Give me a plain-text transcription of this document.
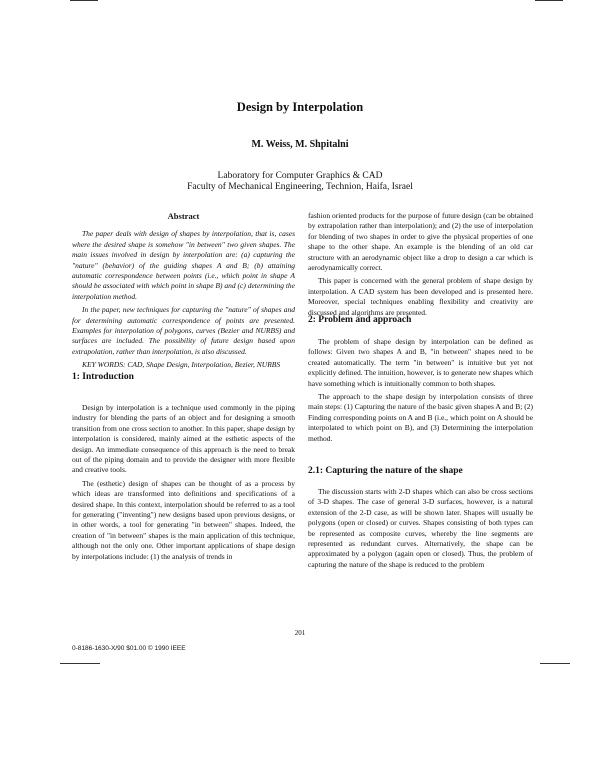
Design by Interpolation
M. Weiss, M. Shpitalni
Laboratory for Computer Graphics & CAD
Faculty of Mechanical Engineering, Technion, Haifa, Israel
Abstract

The paper deals with design of shapes by interpolation, that is, cases where the desired shape is somehow "in between" two given shapes. The main issues involved in design by interpolation are: (a) capturing the "nature" (behavior) of the guiding shapes A and B; (b) attaining automatic correspondence between points (i.e., which point in shape A should be associated with which point in shape B) and (c) determining the interpolation method.

In the paper, new techniques for capturing the "nature" of shapes and for determining automatic correspondence of points are presented. Examples for interpolation of polygons, curves (Bezier and NURBS) and surfaces are included. The possibility of future design based upon extrapolation, rather than interpolation, is also discussed.

KEY WORDS: CAD, Shape Design, Interpolation, Bezier, NURBS

1: Introduction

Design by interpolation is a technique used commonly in the piping industry for blending the parts of an object and for designing a smooth transition from one cross section to another. In this paper, shape design by interpolation is considered, mainly aimed at the esthetic aspects of the design. An immediate consequence of this approach is the need to break out of the piping domain and to provide the designer with more flexible and creative tools.

The (esthetic) design of shapes can be thought of as a process by which ideas are transformed into definitions and specifications of a desired shape. In this context, interpolation should be referred to as a tool for generating ("inventing") new designs based upon previous designs, or in other words, a tool for generating "in between" shapes. Indeed, the creation of "in between" shapes is the main application of this technique, although not the only one. Other important applications of shape design by interpolations include: (1) the analysis of trends in

fashion oriented products for the purpose of future design (can be obtained by extrapolation rather than interpolation); and (2) the use of interpolation for blending of two shapes in order to give the physical properties of one shape to the other shape. An example is the blending of an old car structure with an aerodynamic object like a drop to design a car which is aerodynamically correct.

This paper is concerned with the general problem of shape design by interpolation. A CAD system has been developed and is presented here. Moreover, special techniques enabling flexibility and creativity are discussed and algorithms are presented.

2: Problem and approach

The problem of shape design by interpolation can be defined as follows: Given two shapes A and B, "in between" shapes need to be created automatically. The term "in between" is intuitive but yet not explicitly defined. The intuition, however, is to generate new shapes which have something which is intuitionally common to both shapes.

The approach to the shape design by interpolation consists of three main steps: (1) Capturing the nature of the basic given shapes A and B; (2) Finding corresponding points on A and B (i.e., which point on A should be interpolated to which point on B), and (3) Determining the interpolation method.

2.1: Capturing the nature of the shape

The discussion starts with 2-D shapes which can also be cross sections of 3-D shapes. The case of general 3-D surfaces, however, is a natural extension of the 2-D case, as will be shown later. Shapes will usually be polygons (open or closed) or curves. Shapes consisting of both types can be represented as composite curves, whereby the line segments are represented as redundant curves. Alternatively, the shape can be approximated by a polygon (again open or closed). Thus, the problem of capturing the nature of the shape is reduced to the problem

201
0-8186-1630-X/90 $01.00 © 1990 IEEE
